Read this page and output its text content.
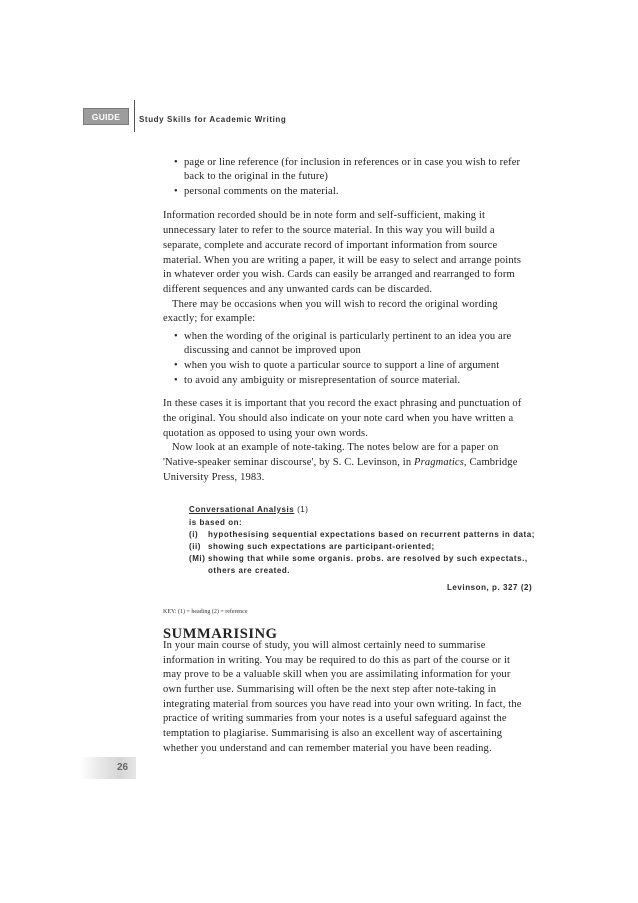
GUIDE Study Skills for Academic Writing
• page or line reference (for inclusion in references or in case you wish to refer
back to the original in the future)
• personal comments on the material.
Information recorded should be in note form and self-sufficient, making it
unnecessary later to refer to the source material. In this way you will build a
separate, complete and accurate record of important information from source
material. When you are writing a paper, it will be easy to select and arrange points
in whatever order you wish. Cards can easily be arranged and rearranged to form
different sequences and any unwanted cards can be discarded.
There may be occasions when you will wish to record the original wording
exactly; for example:
• when the wording of the original is particularly pertinent to an idea you are
discussing and cannot be improved upon
• when you wish to quote a particular source to support a line of argument
• to avoid any ambiguity or misrepresentation of source material.
In these cases it is important that you record the exact phrasing and punctuation of
the original. You should also indicate on your note card when you have written a
quotation as opposed to using your own words.
Now look at an example of note-taking. The notes below are for a paper on
'Native-speaker seminar discourse', by S. C. Levinson, in Pragmatics, Cambridge
University Press, 1983.
Conversational Analysis (1)
is based on:
(i) hypothesising sequential expectations based on recurrent patterns in data;
(ii) showing such expectations are participant-oriented;
(Mi) showing that while some organis. probs. are resolved by such expectats.,
others are created.
Levinson, p. 327 (2)
KEY: (1) = heading (2) = reference
SUMMARISING
In your main course of study, you will almost certainly need to summarise
information in writing. You may be required to do this as part of the course or it
may prove to be a valuable skill when you are assimilating information for your
own further use. Summarising will often be the next step after note-taking in
integrating material from sources you have read into your own writing. In fact, the
practice of writing summaries from your notes is a useful safeguard against the
temptation to plagiarise. Summarising is also an excellent way of ascertaining
whether you understand and can remember material you have been reading.
26
